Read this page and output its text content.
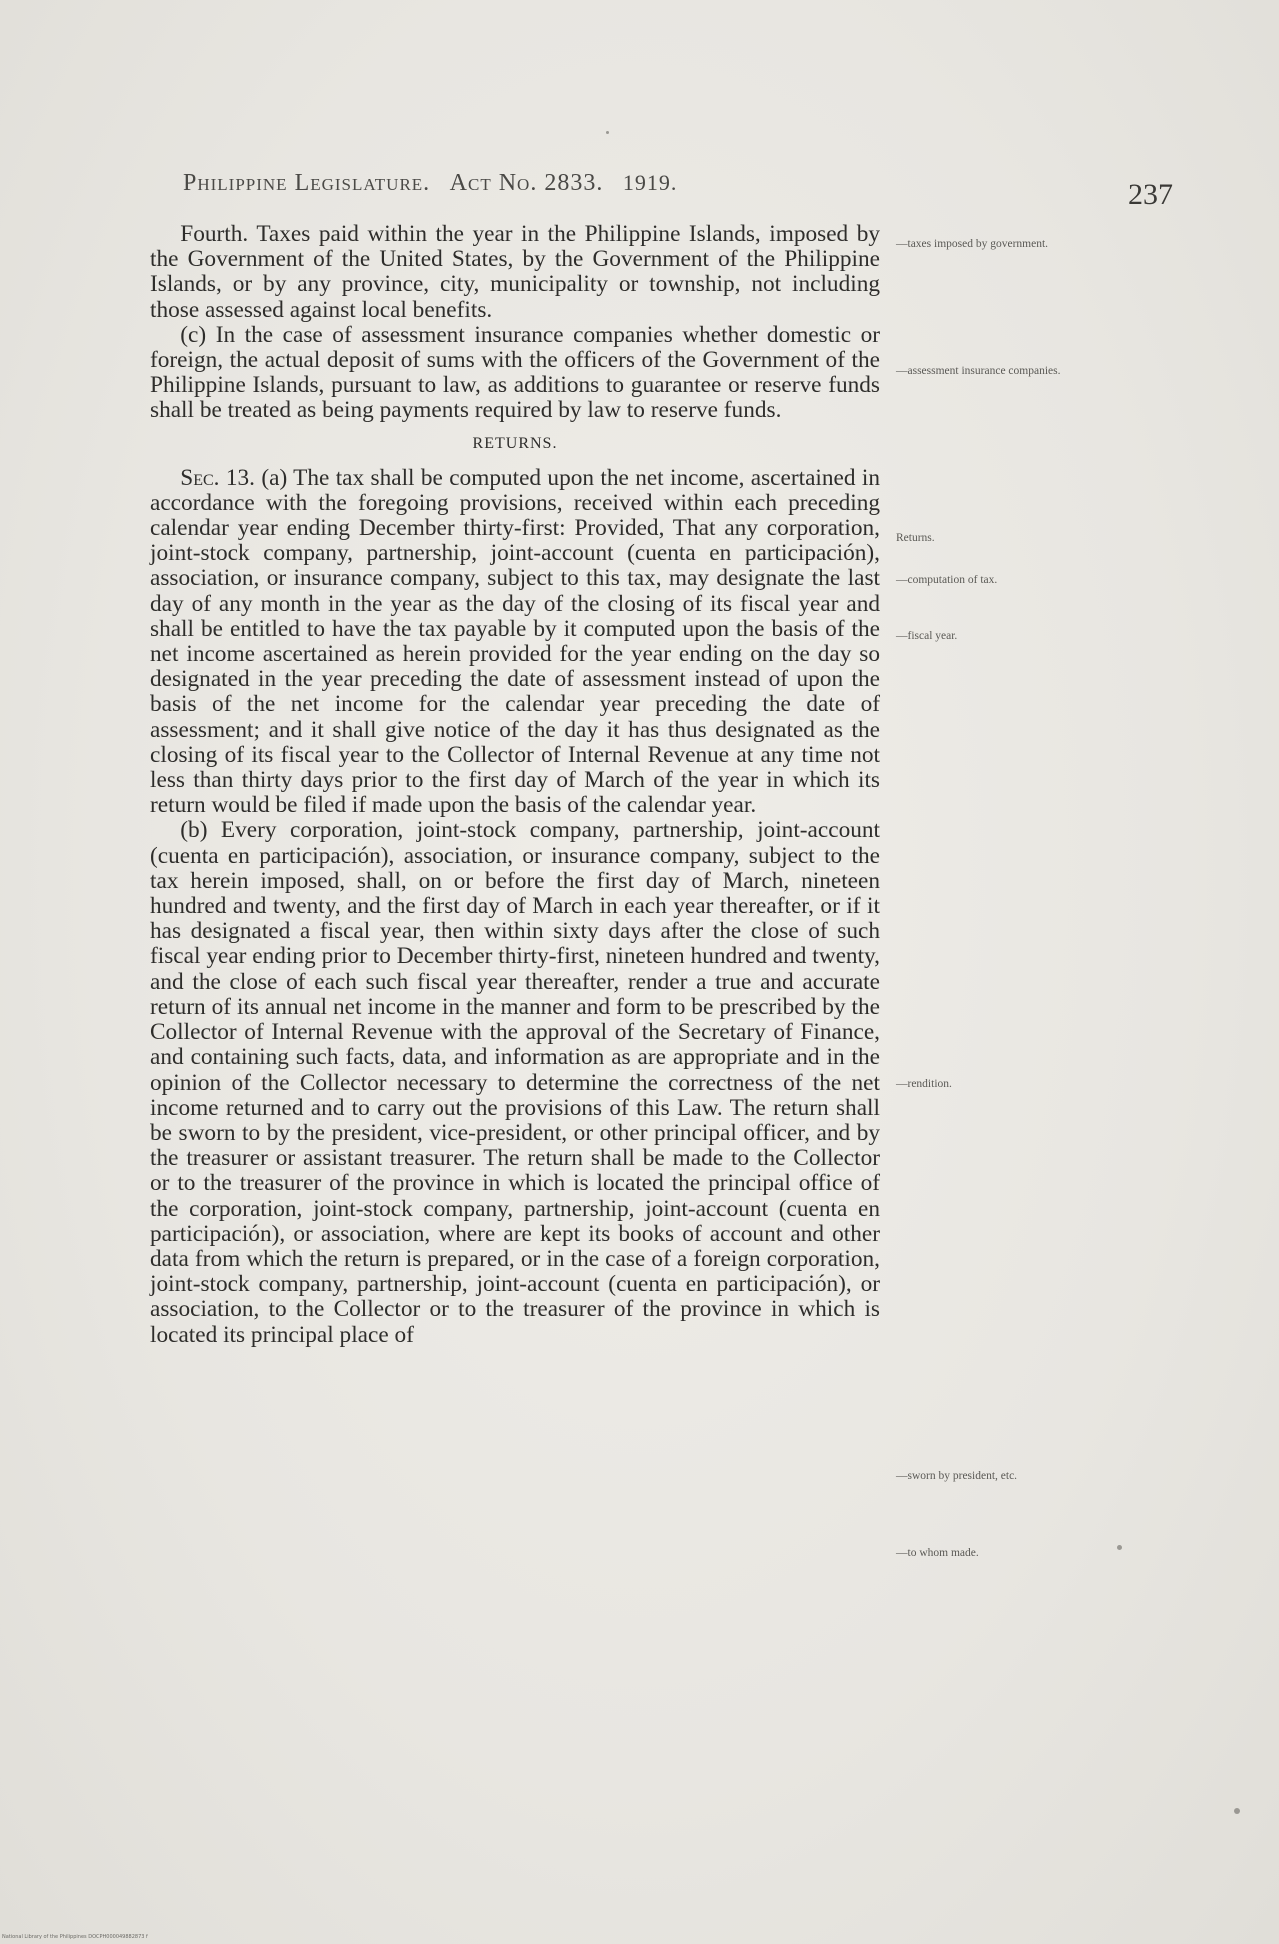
Philippine Legislature. Act No. 2833. 1919.	237

Fourth. Taxes paid within the year in the Philippine Islands, imposed by the Government of the United States, by the Government of the Philippine Islands, or by any province, city, municipality or township, not including those assessed against local benefits.

(c) In the case of assessment insurance companies whether domestic or foreign, the actual deposit of sums with the officers of the Government of the Philippine Islands, pursuant to law, as additions to guarantee or reserve funds shall be treated as being payments required by law to reserve funds.

RETURNS.

Sec. 13. (a) The tax shall be computed upon the net income, ascertained in accordance with the foregoing provisions, received within each preceding calendar year ending December thirty-first: Provided, That any corporation, joint-stock company, partnership, joint-account (cuenta en participación), association, or insurance company, subject to this tax, may designate the last day of any month in the year as the day of the closing of its fiscal year and shall be entitled to have the tax payable by it computed upon the basis of the net income ascertained as herein provided for the year ending on the day so designated in the year preceding the date of assessment instead of upon the basis of the net income for the calendar year preceding the date of assessment; and it shall give notice of the day it has thus designated as the closing of its fiscal year to the Collector of Internal Revenue at any time not less than thirty days prior to the first day of March of the year in which its return would be filed if made upon the basis of the calendar year.

(b) Every corporation, joint-stock company, partnership, joint-account (cuenta en participación), association, or insurance company, subject to the tax herein imposed, shall, on or before the first day of March, nineteen hundred and twenty, and the first day of March in each year thereafter, or if it has designated a fiscal year, then within sixty days after the close of such fiscal year ending prior to December thirty-first, nineteen hundred and twenty, and the close of each such fiscal year thereafter, render a true and accurate return of its annual net income in the manner and form to be prescribed by the Collector of Internal Revenue with the approval of the Secretary of Finance, and containing such facts, data, and information as are appropriate and in the opinion of the Collector necessary to determine the correctness of the net income returned and to carry out the provisions of this Law. The return shall be sworn to by the president, vice-president, or other principal officer, and by the treasurer or assistant treasurer. The return shall be made to the Collector or to the treasurer of the province in which is located the principal office of the corporation, joint-stock company, partnership, joint-account (cuenta en participación), or association, where are kept its books of account and other data from which the return is prepared, or in the case of a foreign corporation, joint-stock company, partnership, joint-account (cuenta en participación), or association, to the Collector or to the treasurer of the province in which is located its principal place of

—taxes imposed by government.
—assessment insurance companies.
Returns.
—computation of tax.
—fiscal year.
—rendition.
—sworn by president, etc.
—to whom made.
National Library of the Philippines DOCPH000049882873 f
